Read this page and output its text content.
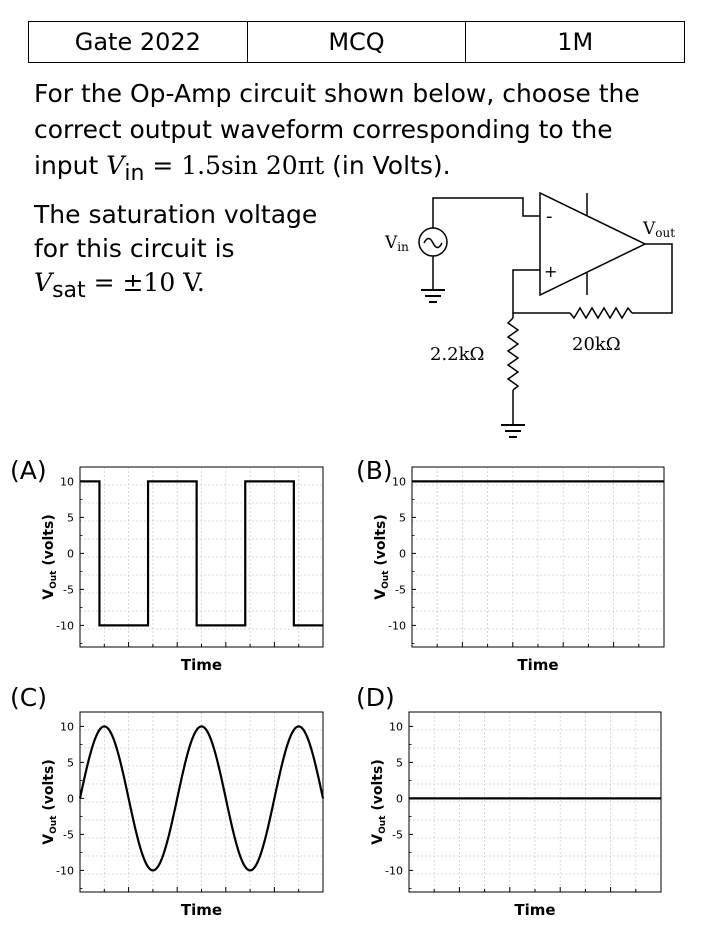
Gate 2022	MCQ	1M
For the Op-Amp circuit shown below, choose the
correct output waveform corresponding to the
input $V_{in} = 1.5\sin$ 20πt (in Volts).
The saturation voltage
for this circuit is
$V_{sat} = \pm 10$ V.
Vin
Vout
-
+
20kΩ
2.2kΩ
(A)	(B)
(C)	(D)
-10
-5
0
5
10
Time
$V_{Out}$ (volts)
-10
-5
0
5
10
Time
$V_{Out}$ (volts)
-10
-5
0
5
10
Time
$V_{Out}$ (volts)
-10
-5
0
5
10
Time
$V_{Out}$ (volts)
